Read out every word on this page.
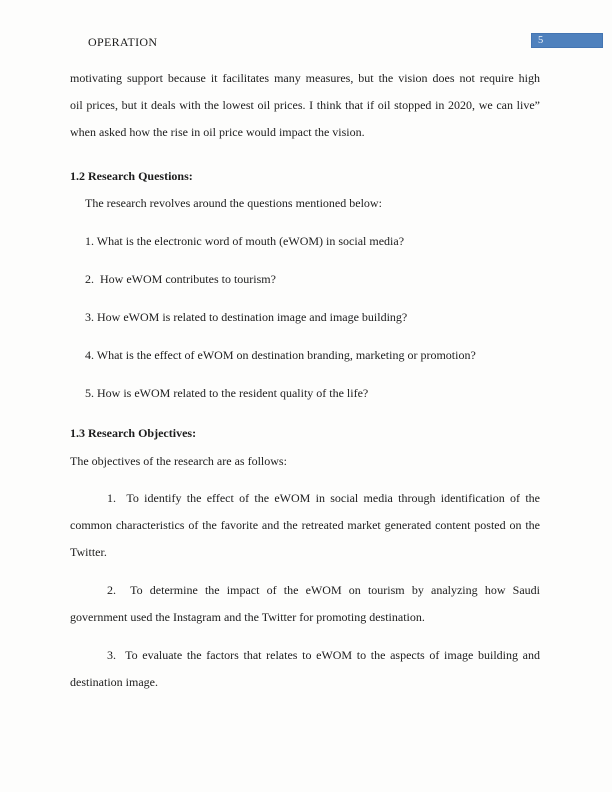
OPERATION	5

motivating support because it facilitates many measures, but the vision does not require high

oil prices, but it deals with the lowest oil prices. I think that if oil stopped in 2020, we can live”

when asked how the rise in oil price would impact the vision.

1.2 Research Questions:

The research revolves around the questions mentioned below:

1. What is the electronic word of mouth (eWOM) in social media?

2.  How eWOM contributes to tourism?

3. How eWOM is related to destination image and image building?

4. What is the effect of eWOM on destination branding, marketing or promotion?

5. How is eWOM related to the resident quality of the life?

1.3 Research Objectives:

The objectives of the research are as follows:

1.  To identify the effect of the eWOM in social media through identification of the

common characteristics of the favorite and the retreated market generated content posted on the

Twitter.

2.  To determine the impact of the eWOM on tourism by analyzing how Saudi

government used the Instagram and the Twitter for promoting destination.

3.  To evaluate the factors that relates to eWOM to the aspects of image building and

destination image.
